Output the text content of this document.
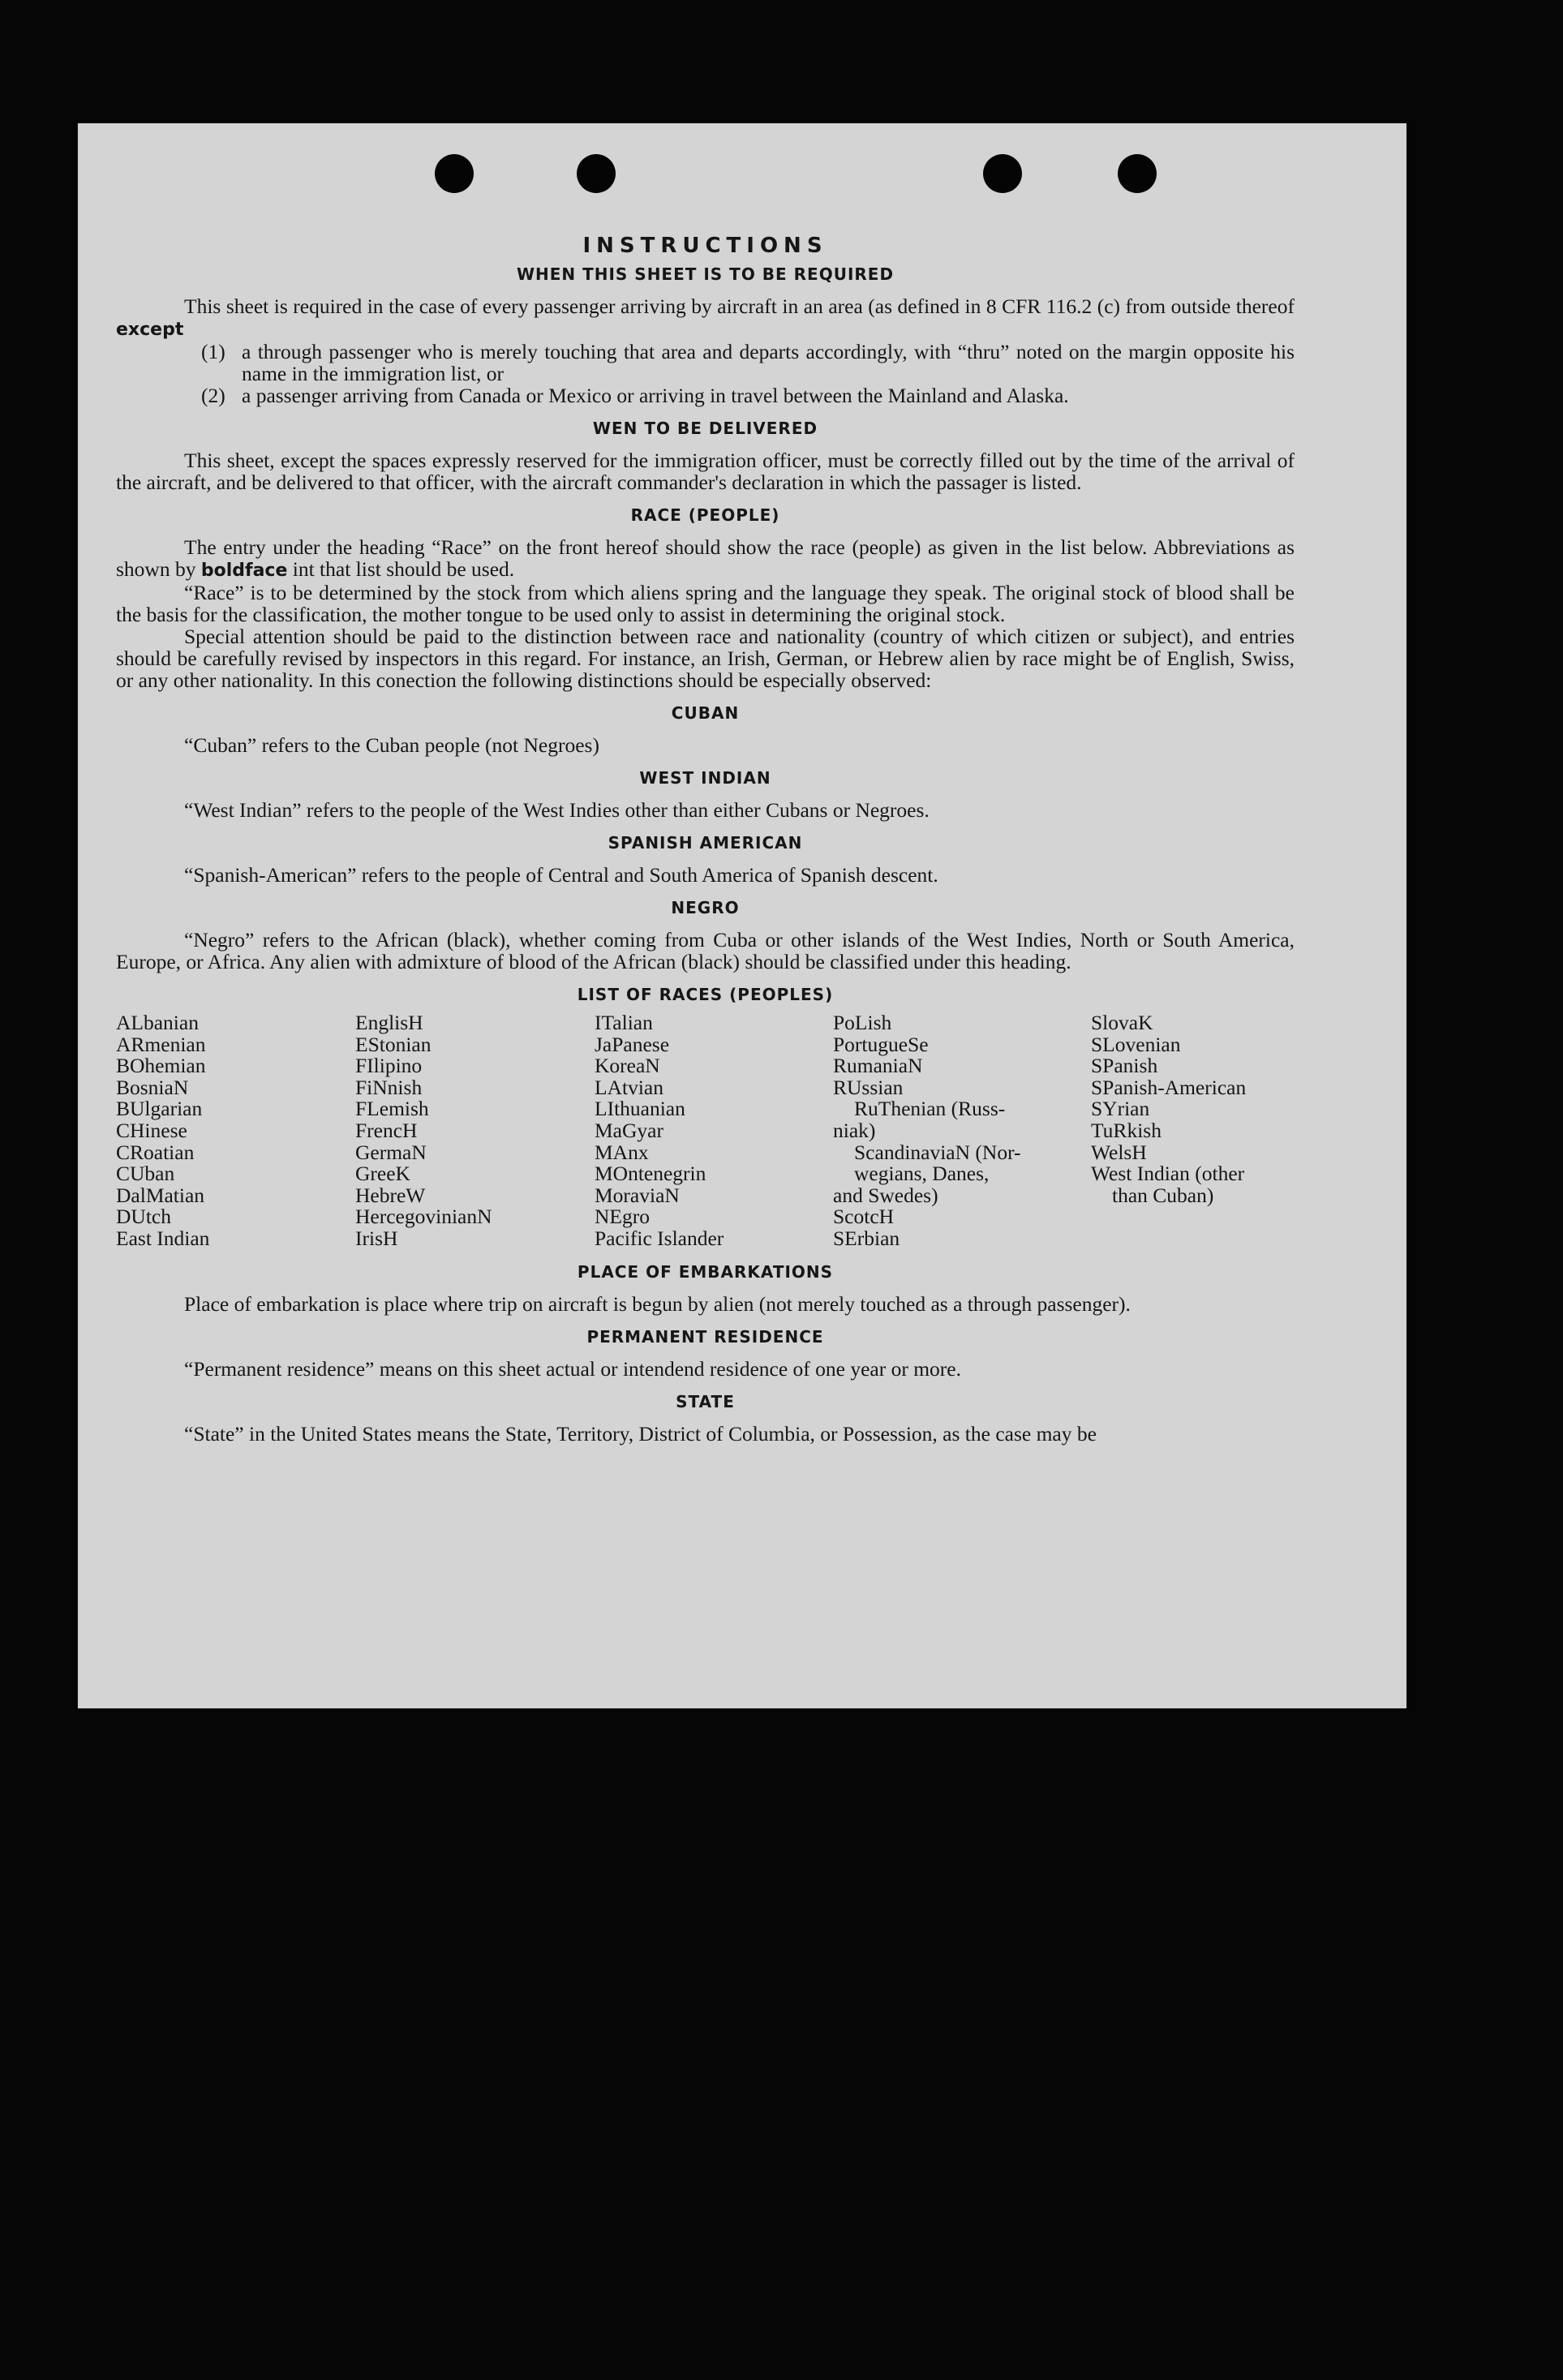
INSTRUCTIONS
WHEN THIS SHEET IS TO BE REQUIRED

This sheet is required in the case of every passenger arriving by aircraft in an area (as defined in 8 CFR 116.2 (c) from outside thereof except

(1) a through passenger who is merely touching that area and departs accordingly, with “thru” noted on the margin opposite his name in the immigration list, or
(2) a passenger arriving from Canada or Mexico or arriving in travel between the Mainland and Alaska.
WEN TO BE DELIVERED

This sheet, except the spaces expressly reserved for the immigration officer, must be correctly filled out by the time of the arrival of the aircraft, and be delivered to that officer, with the aircraft commander's declaration in which the passager is listed.

RACE (PEOPLE)

The entry under the heading “Race” on the front hereof should show the race (people) as given in the list below. Abbreviations as shown by boldface int that list should be used.

“Race” is to be determined by the stock from which aliens spring and the language they speak. The original stock of blood shall be the basis for the classification, the mother tongue to be used only to assist in determining the original stock.

Special attention should be paid to the distinction between race and nationality (country of which citizen or subject), and entries should be carefully revised by inspectors in this regard. For instance, an Irish, German, or Hebrew alien by race might be of English, Swiss, or any other nationality. In this conection the following distinctions should be especially observed:

CUBAN
“Cuban” refers to the Cuban people (not Negroes)
WEST INDIAN
“West Indian” refers to the people of the West Indies other than either Cubans or Negroes.
SPANISH AMERICAN
“Spanish-American” refers to the people of Central and South America of Spanish descent.
NEGRO

“Negro” refers to the African (black), whether coming from Cuba or other islands of the West Indies, North or South America, Europe, or Africa. Any alien with admixture of blood of the African (black) should be classified under this heading.

LIST OF RACES (PEOPLES)
ALbanian
ARmenian
BOhemian
BosniaN
BUlgarian
CHinese
CRoatian
CUban
DalMatian
DUtch
East Indian
EnglisH
EStonian
FIlipino
FiNnish
FLemish
FrencH
GermaN
GreeK
HebreW
HercegovinianN
IrisH
ITalian
JaPanese
KoreaN
LAtvian
LIthuanian
MaGyar
MAnx
MOntenegrin
MoraviaN
NEgro
Pacific Islander
PoLish
PortugueSe
RumaniaN
RUssian
RuThenian (Russ-
niak)
ScandinaviaN (Nor-
wegians, Danes,
and Swedes)
ScotcH
SErbian
SlovaK
SLovenian
SPanish
SPanish-American
SYrian
TuRkish
WelsH
West Indian (other
than Cuban)
PLACE OF EMBARKATIONS

Place of embarkation is place where trip on aircraft is begun by alien (not merely touched as a through passenger).

PERMANENT RESIDENCE
“Permanent residence” means on this sheet actual or intendend residence of one year or more.
STATE

“State” in the United States means the State, Territory, District of Columbia, or Possession, as the case may be
